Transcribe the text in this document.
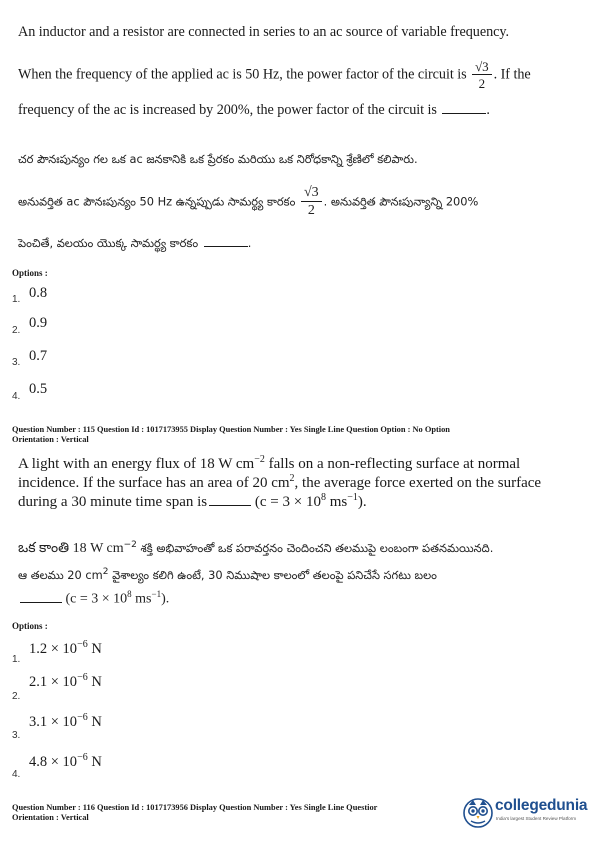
An inductor and a resistor are connected in series to an ac source of variable frequency.
When the frequency of the applied ac is 50 Hz, the power factor of the circuit is $\frac{√3}{2}$ . If the
frequency of the ac is increased by 200%, the power factor of the circuit is	.
చర పౌనఃపున్యం గల ఒక ac జనకానికి ఒక ప్రేరకం మరియు ఒక నిరోధకాన్ని శ్రేణిలో కలిపారు.
అనువర్తిత ac పౌనఃపున్యం 50 Hz ఉన్నప్పుడు సామర్థ్య కారకం $\frac{√3}{2}$ . అనువర్తిత పౌనఃపున్యాన్ని 200%
పెంచితే, వలయం యొక్క సామర్థ్య కారకం	.
Options :
1. 0.8
2. 0.9
3. 0.7
4. 0.5
Question Number : 115 Question Id : 1017173955 Display Question Number : Yes Single Line Question Option : No Option
Orientation : Vertical
A light with an energy flux of 18 W $cm^{-2}$ falls on a non-reflecting surface at normal
incidence. If the surface has an area of 20 $cm^2$, the average force exerted on the surface
during a 30 minute time span is	($c = 3 \times 10^8$ $ms^{-1}$).
ఒక కాంతి 18 W $cm^{-2}$ శక్తి అభివాహంతో ఒక పరావర్తనం చెందించని తలముపై లంబంగా పతనమయినది.
ఆ తలము 20 $cm^2$ వైశాల్యం కలిగి ఉంటే, 30 నిముషాల కాలంలో తలంపై పనిచేసే సగటు బలం
($c = 3 \times 10^8$ $ms^{-1}$).
Options :
1.
$1.2 \times 10^{-6}$ N
2.
$2.1 \times 10^{-6}$ N
3.
$3.1 \times 10^{-6}$ N
4.
$4.8 \times 10^{-6}$ N
Question Number : 116 Question Id : 1017173956 Display Question Number : Yes Single Line Questior
Orientation : Vertical
collegedunia
India's largest Student Review Platform
